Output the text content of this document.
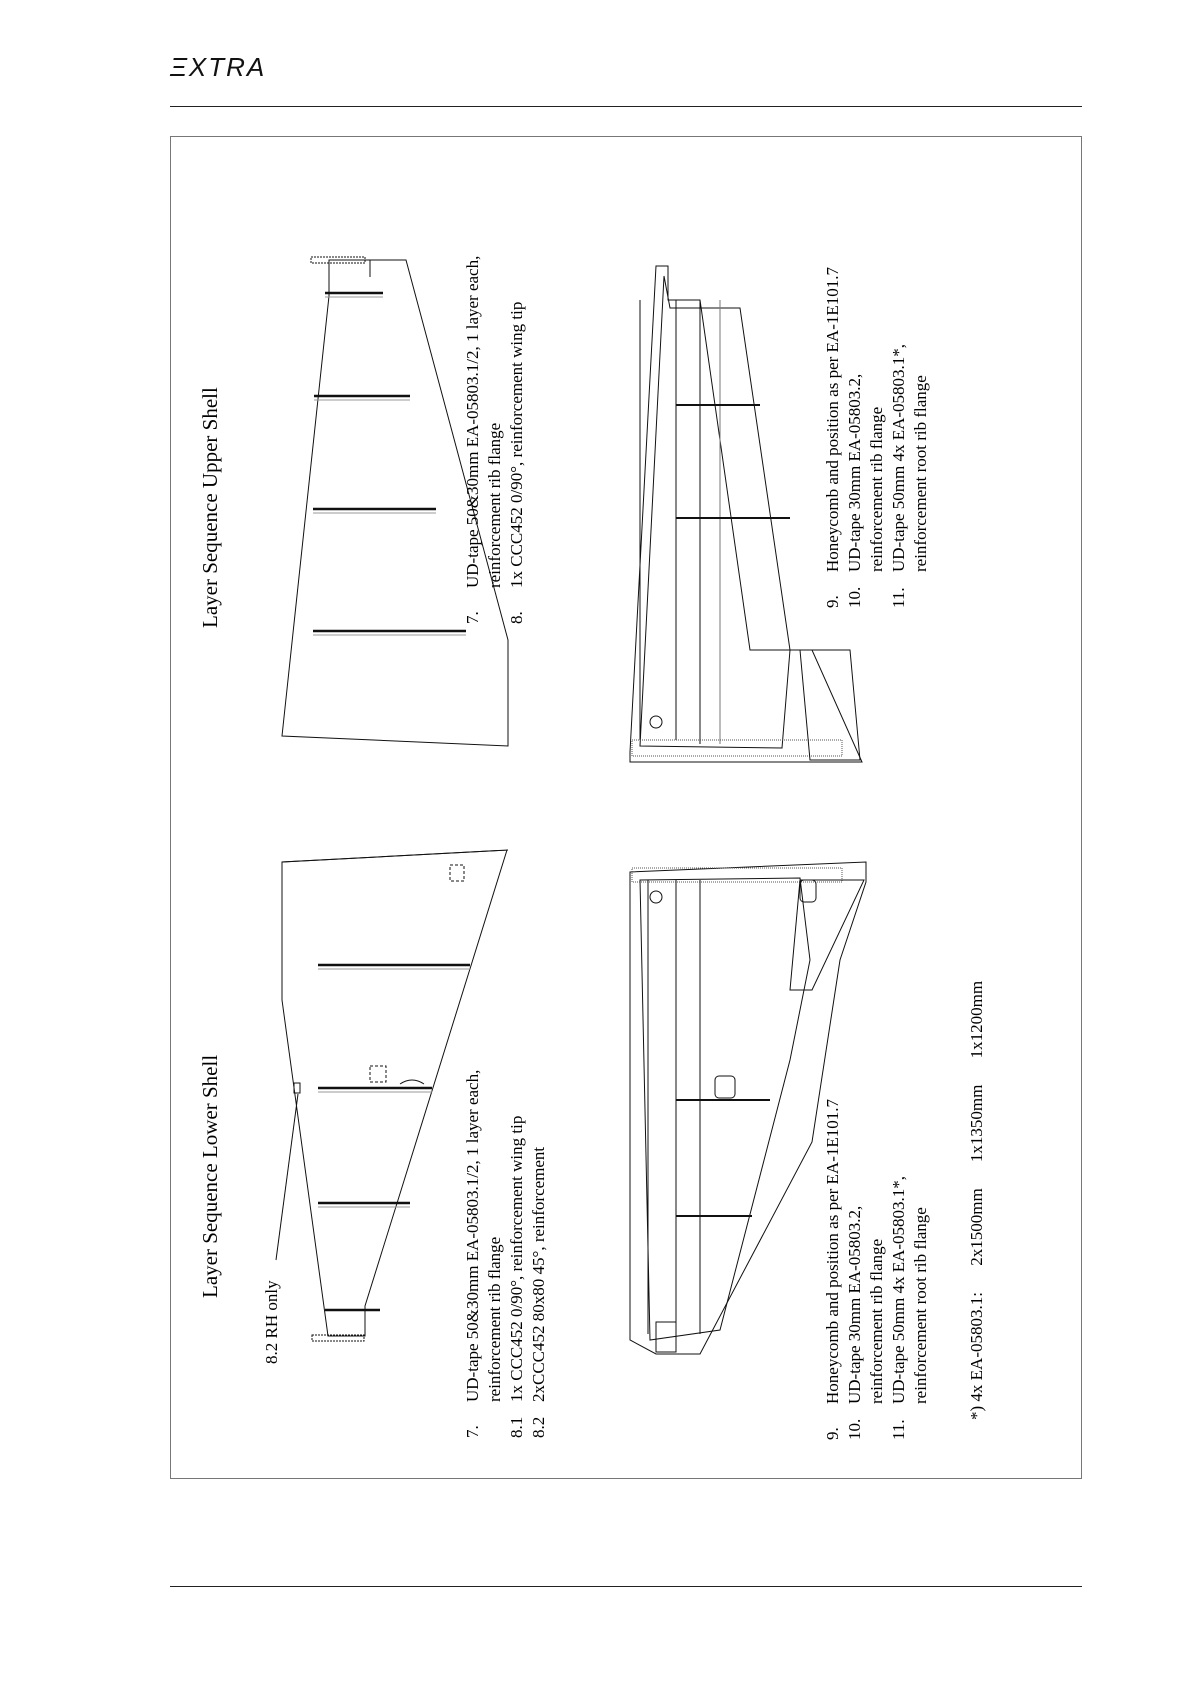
ΞXTRA
Layer Sequence Upper Shell
Layer Sequence Lower Shell
8.2 RH only
7.UD-tape 50&30mm EA-05803.1/2, 1 layer each, reinforcement rib flange
8.1x CCC452 0/90°, reinforcement wing tip
7.UD-tape 50&30mm EA-05803.1/2, 1 layer each, reinforcement rib flange
8.11x CCC452 0/90°, reinforcement wing tip
8.22xCCC452 80x80 45°, reinforcement
9.Honeycomb and position as per EA-1E101.7
10.UD-tape 30mm EA-05803.2, reinforcement rib flange
11.UD-tape 50mm 4x EA-05803.1*, reinforcement root rib flange
9.Honeycomb and position as per EA-1E101.7
10.UD-tape 30mm EA-05803.2, reinforcement rib flange
11.UD-tape 50mm 4x EA-05803.1*, reinforcement root rib flange *) 4x EA-05803.1: 2x1500mm 1x1350mm 1x1200mm
